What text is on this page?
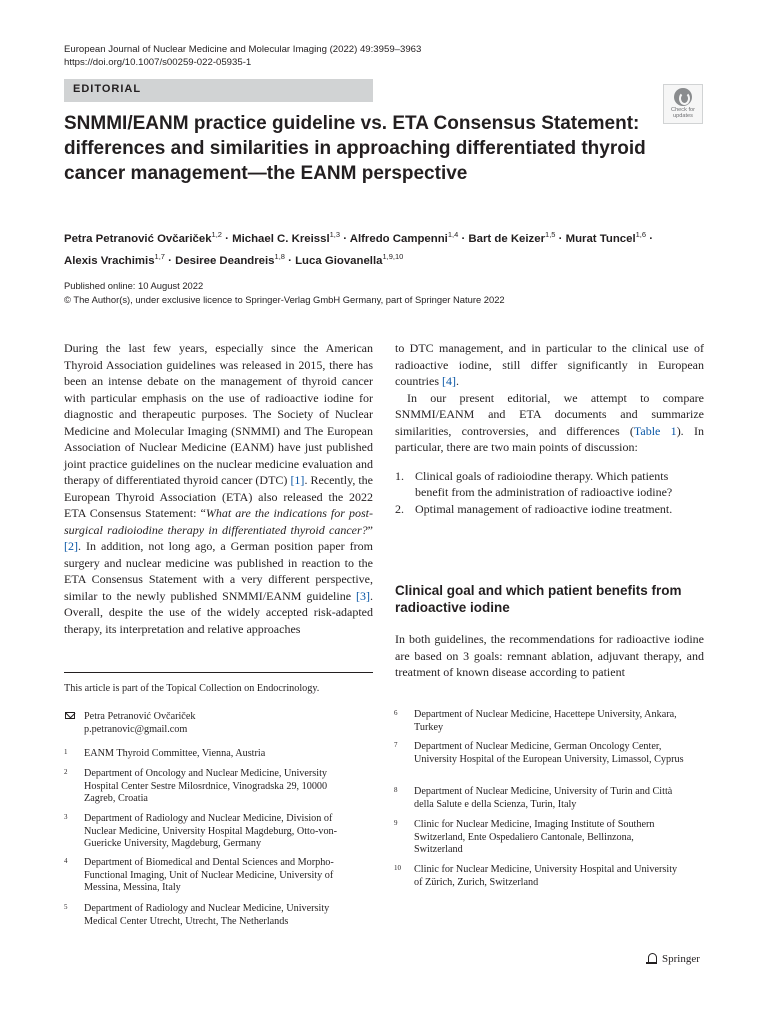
European Journal of Nuclear Medicine and Molecular Imaging (2022) 49:3959–3963
https://doi.org/10.1007/s00259-022-05935-1
EDITORIAL
Check for
updates
SNMMI/EANM practice guideline vs. ETA Consensus Statement:
differences and similarities in approaching differentiated thyroid
cancer management—the EANM perspective
Petra Petranović Ovčariček$^{1,2}$ · Michael C. Kreissl$^{1,3}$ · Alfredo Campenni$^{1,4}$ · Bart de Keizer$^{1,5}$ · Murat Tuncel$^{1,6}$ ·
Alexis Vrachimis$^{1,7}$ · Desiree Deandreis$^{1,8}$ · Luca Giovanella$^{1,9,10}$
Published online: 10 August 2022
© The Author(s), under exclusive licence to Springer-Verlag GmbH Germany, part of Springer Nature 2022

During the last few years, especially since the American Thyroid Association guidelines was released in 2015, there has been an intense debate on the management of thyroid cancer with particular emphasis on the use of radioactive iodine for diagnostic and therapeutic purposes. The Society of Nuclear Medicine and Molecular Imaging (SNMMI) and The European Association of Nuclear Medicine (EANM) have just published joint practice guidelines on the nuclear medicine evaluation and therapy of differentiated thyroid cancer (DTC) [1]. Recently, the European Thyroid Association (ETA) also released the 2022 ETA Consensus Statement: “What are the indications for post-surgical radioiodine therapy in differentiated thyroid cancer?” [2]. In addition, not long ago, a German position paper from surgery and nuclear medicine was published in reaction to the ETA Consensus Statement with a very different perspective, similar to the newly published SNMMI/EANM guideline [3]. Overall, despite the use of the widely accepted risk-adapted therapy, its interpretation and relative approaches

to DTC management, and in particular to the clinical use of radioactive iodine, still differ significantly in European countries [4].

In our present editorial, we attempt to compare SNMMI/EANM and ETA documents and summarize similarities, controversies, and differences (Table 1). In particular, there are two main points of discussion:

1. Clinical goals of radioiodine therapy. Which patients benefit from the administration of radioactive iodine?
2. Optimal management of radioactive iodine treatment.
Clinical goal and which patient benefits from radioactive iodine
In both guidelines, the recommendations for radioactive iodine are based on 3 goals: remnant ablation, adjuvant therapy, and treatment of known disease according to patient
This article is part of the Topical Collection on Endocrinology.
Petra Petranović Ovčariček
p.petranovic@gmail.com
1 EANM Thyroid Committee, Vienna, Austria
2 Department of Oncology and Nuclear Medicine, University Hospital Center Sestre Milosrdnice, Vinogradska 29, 10000 Zagreb, Croatia
3 Department of Radiology and Nuclear Medicine, Division of Nuclear Medicine, University Hospital Magdeburg, Otto-von-Guericke University, Magdeburg, Germany
4 Department of Biomedical and Dental Sciences and Morpho-Functional Imaging, Unit of Nuclear Medicine, University of Messina, Messina, Italy
5 Department of Radiology and Nuclear Medicine, University Medical Center Utrecht, Utrecht, The Netherlands
6 Department of Nuclear Medicine, Hacettepe University, Ankara, Turkey
7 Department of Nuclear Medicine, German Oncology Center, University Hospital of the European University, Limassol, Cyprus
8 Department of Nuclear Medicine, University of Turin and Città della Salute e della Scienza, Turin, Italy
9 Clinic for Nuclear Medicine, Imaging Institute of Southern Switzerland, Ente Ospedaliero Cantonale, Bellinzona, Switzerland
10 Clinic for Nuclear Medicine, University Hospital and University of Zürich, Zurich, Switzerland
Springer
